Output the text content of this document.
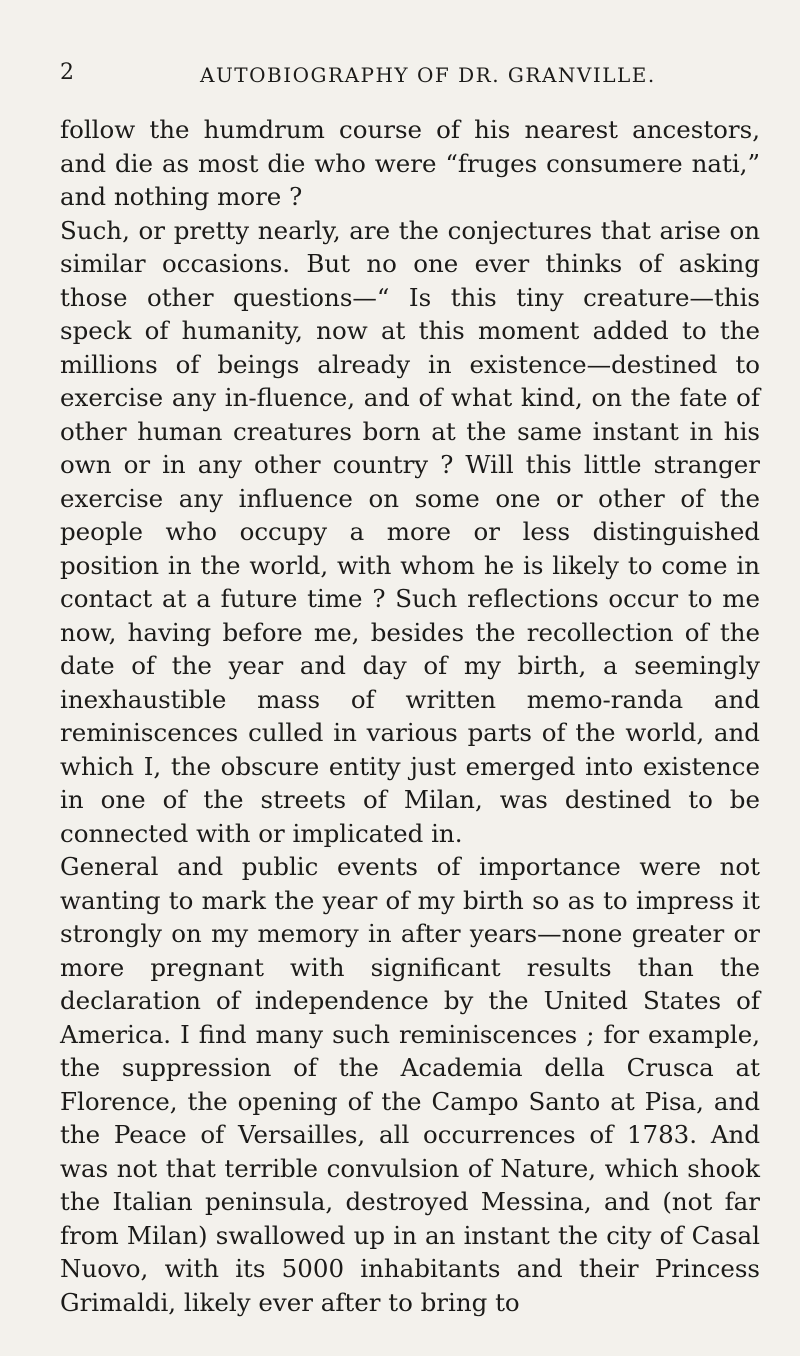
2	AUTOBIOGRAPHY OF DR. GRANVILLE.

follow the humdrum course of his nearest ancestors, and die as most die who were “fruges consumere nati,” and nothing more ?

Such, or pretty nearly, are the conjectures that arise on similar occasions. But no one ever thinks of asking those other questions—“ Is this tiny creature—this speck of humanity, now at this moment added to the millions of beings already in existence—destined to exercise any in-fluence, and of what kind, on the fate of other human creatures born at the same instant in his own or in any other country ? Will this little stranger exercise any influence on some one or other of the people who occupy a more or less distinguished position in the world, with whom he is likely to come in contact at a future time ? Such reflections occur to me now, having before me, besides the recollection of the date of the year and day of my birth, a seemingly inexhaustible mass of written memo-randa and reminiscences culled in various parts of the world, and which I, the obscure entity just emerged into existence in one of the streets of Milan, was destined to be connected with or implicated in.

General and public events of importance were not wanting to mark the year of my birth so as to impress it strongly on my memory in after years—none greater or more pregnant with significant results than the declaration of independence by the United States of America. I find many such reminiscences ; for example, the suppression of the Academia della Crusca at Florence, the opening of the Campo Santo at Pisa, and the Peace of Versailles, all occurrences of 1783. And was not that terrible convulsion of Nature, which shook the Italian peninsula, destroyed Messina, and (not far from Milan) swallowed up in an instant the city of Casal Nuovo, with its 5000 inhabitants and their Princess Grimaldi, likely ever after to bring to
